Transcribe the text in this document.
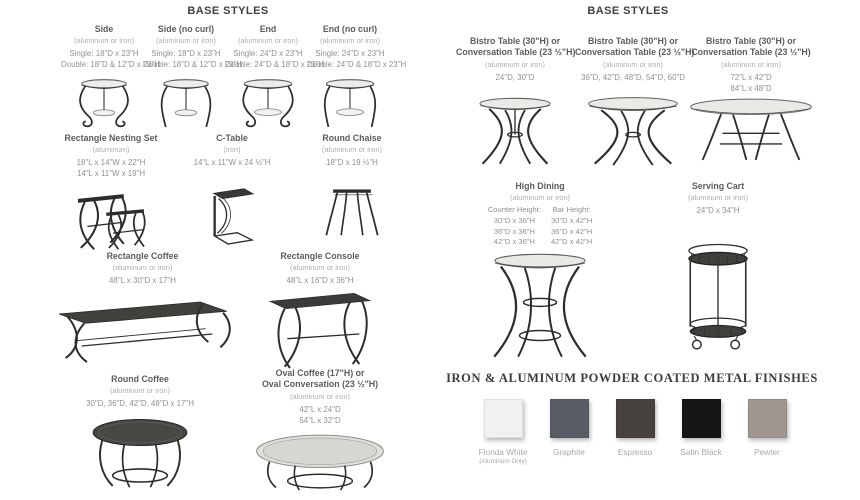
BASE STYLES
Side
(aluminum or iron)
Single: 18"D x 23"H
Double: 18"D & 12"D x 23"H
Side (no curl)
(aluminum or iron)
Single: 18"D x 23"H
Double: 18"D & 12"D x 23"H
End
(aluminum or iron)
Single: 24"D x 23"H
Double: 24"D & 18"D x 23"H
End (no curl)
(aluminum or iron)
Single: 24"D x 23"H
Double: 24"D & 18"D x 23"H
Rectangle Nesting Set
(aluminum)
18"L x 14"W x 22"H
14"L x 11"W x 19"H
C-Table
(iron)
14"L x 11"W x 24 ½"H
Round Chaise
(aluminum or iron)
18"D x 19 ½"H
Rectangle Coffee
(aluminum or iron)
48"L x 30"D x 17"H
Rectangle Console
(aluminum or iron)
48"L x 16"D x 36"H
Round Coffee
(aluminum or iron)
30"D, 36"D, 42"D, 48"D x 17"H
Oval Coffee (17"H) or
Oval Conversation (23 ½"H)
(aluminum or iron)
42"L x 24"D
54"L x 32"D
BASE STYLES
Bistro Table (30"H) or
Conversation Table (23 ½"H)
(aluminum or iron)
24"D, 30"D
Bistro Table (30"H) or
Conversation Table (23 ½"H)
(aluminum or iron)
36"D, 42"D, 48"D, 54"D, 60"D
Bistro Table (30"H) or
Conversation Table (23 ½"H)
(aluminum or iron)
72"L x 42"D
84"L x 48"D
High Dining
(aluminum or iron)
Counter Height:
30"D x 36"H
36"D x 36"H
42"D x 36"H
Bar Height:
30"D x 42"H
36"D x 42"H
42"D x 42"H
Serving Cart
(aluminum or iron)
24"D x 34"H
IRON & ALUMINUM POWDER COATED METAL FINISHES
Florida White
(Aluminum Only)
Graphite	Espresso	Satin Black	Pewter
